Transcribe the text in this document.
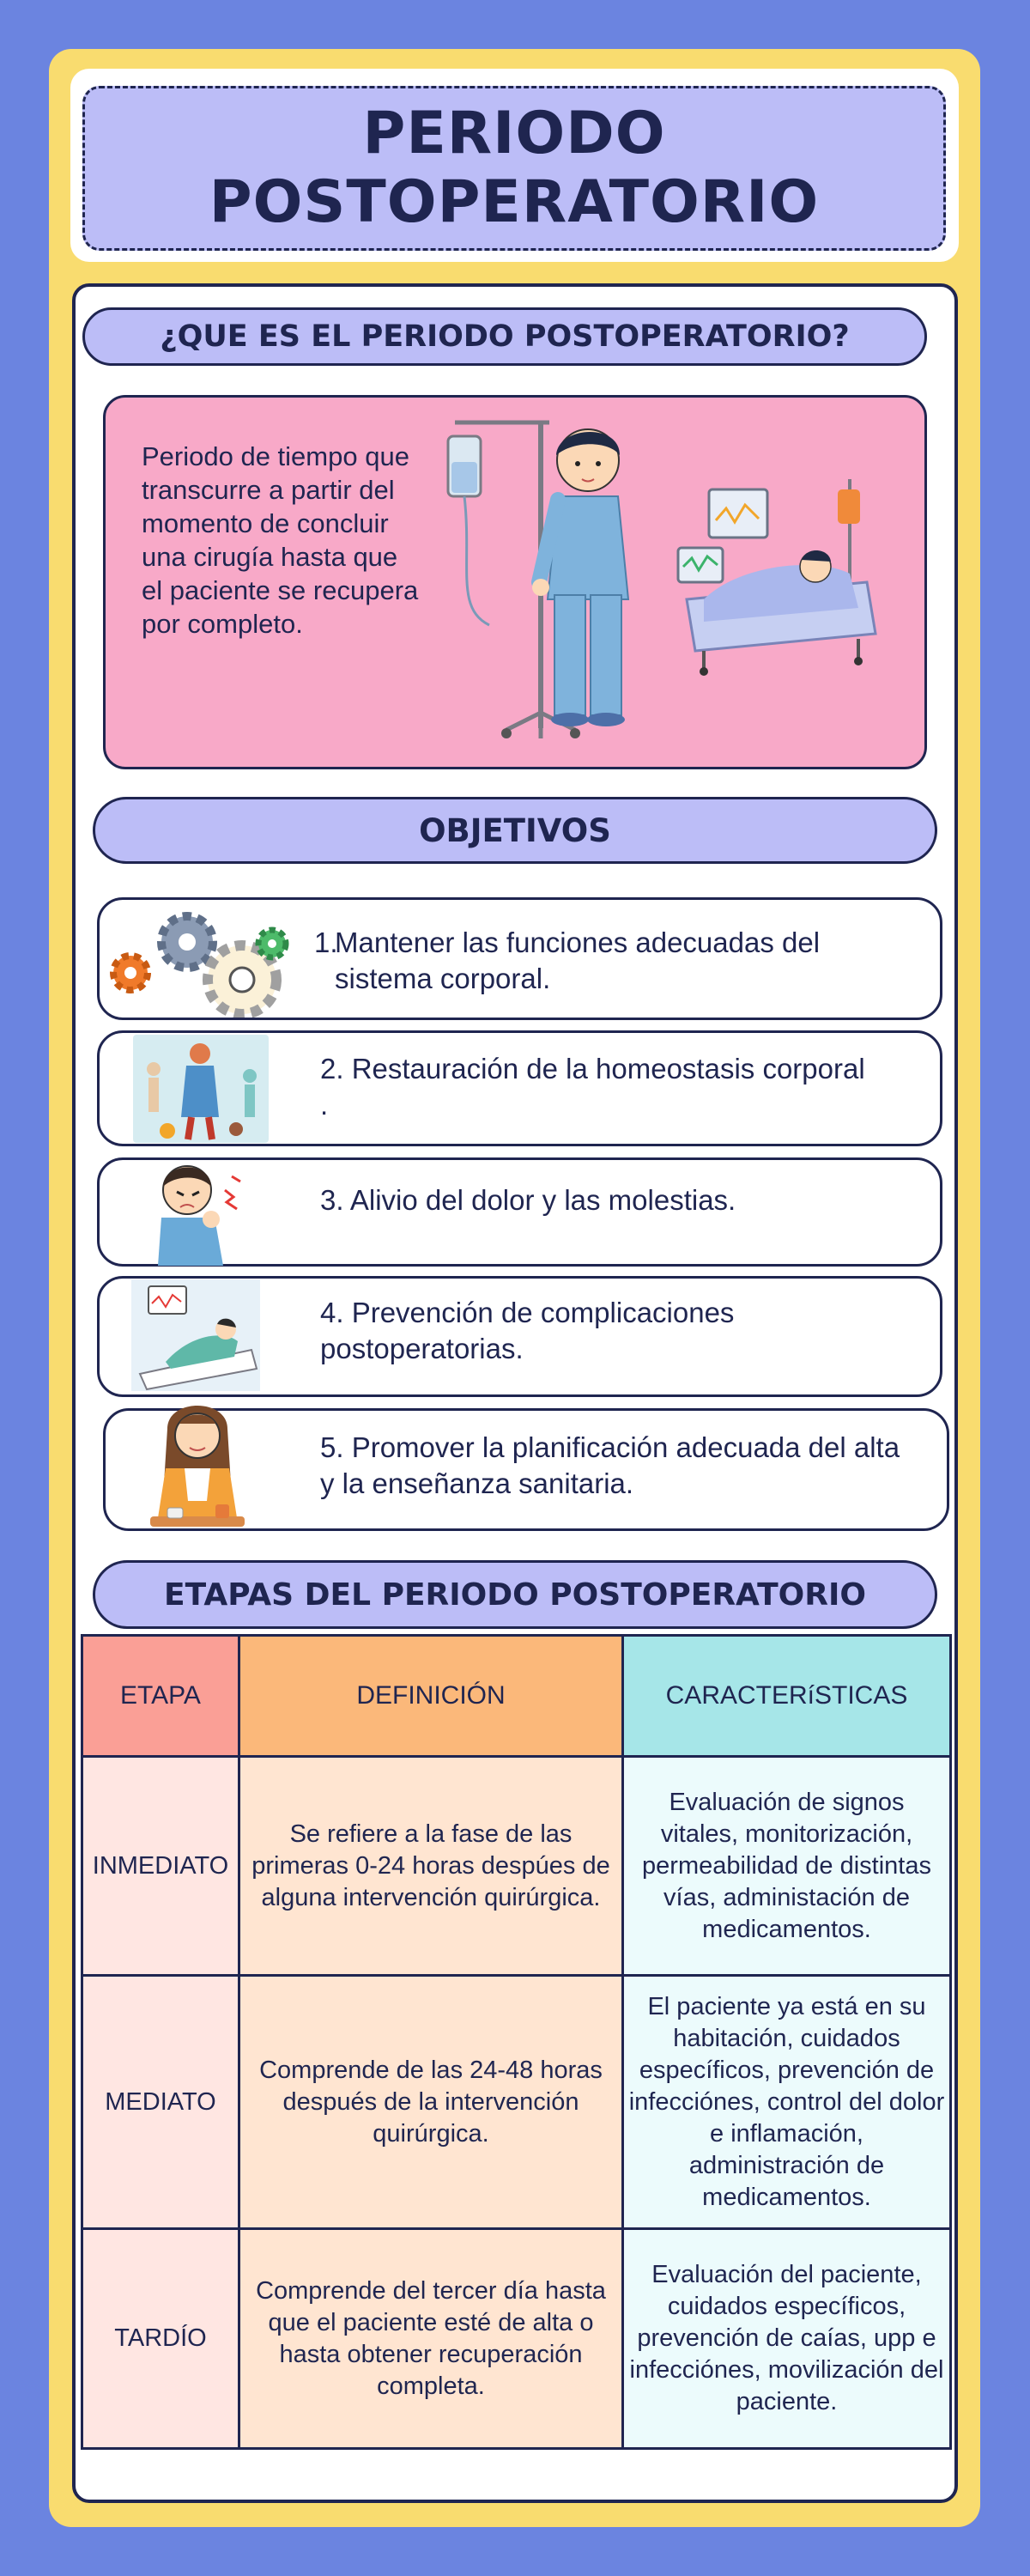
PERIODO
POSTOPERATORIO
¿QUE ES EL PERIODO POSTOPERATORIO?
Periodo de tiempo que transcurre a partir del momento de concluir una cirugía hasta que el paciente se recupera por completo.
OBJETIVOS
1.
Mantener las funciones adecuadas del sistema corporal.
2. Restauración de la homeostasis corporal .
3. Alivio del dolor y las molestias.
4. Prevención de complicaciones postoperatorias.
5. Promover la planificación adecuada del alta y la enseñanza sanitaria.
ETAPAS DEL PERIODO POSTOPERATORIO
ETAPA	DEFINICIÓN	CARACTERíSTICAS
INMEDIATO	Se refiere a la fase de las primeras 0-24 horas despúes de alguna intervención quirúrgica.	Evaluación de signos vitales, monitorización, permeabilidad de distintas vías, administación de medicamentos.
MEDIATO	Comprende de las 24-48 horas después de la intervención quirúrgica.	El paciente ya está en su habitación, cuidados específicos, prevención de infecciónes, control del dolor e inflamación, administración de medicamentos.
TARDÍO	Comprende del tercer día hasta que el paciente esté de alta o hasta obtener recuperación completa.	Evaluación del paciente, cuidados específicos, prevención de caías, upp e infecciónes, movilización del paciente.
